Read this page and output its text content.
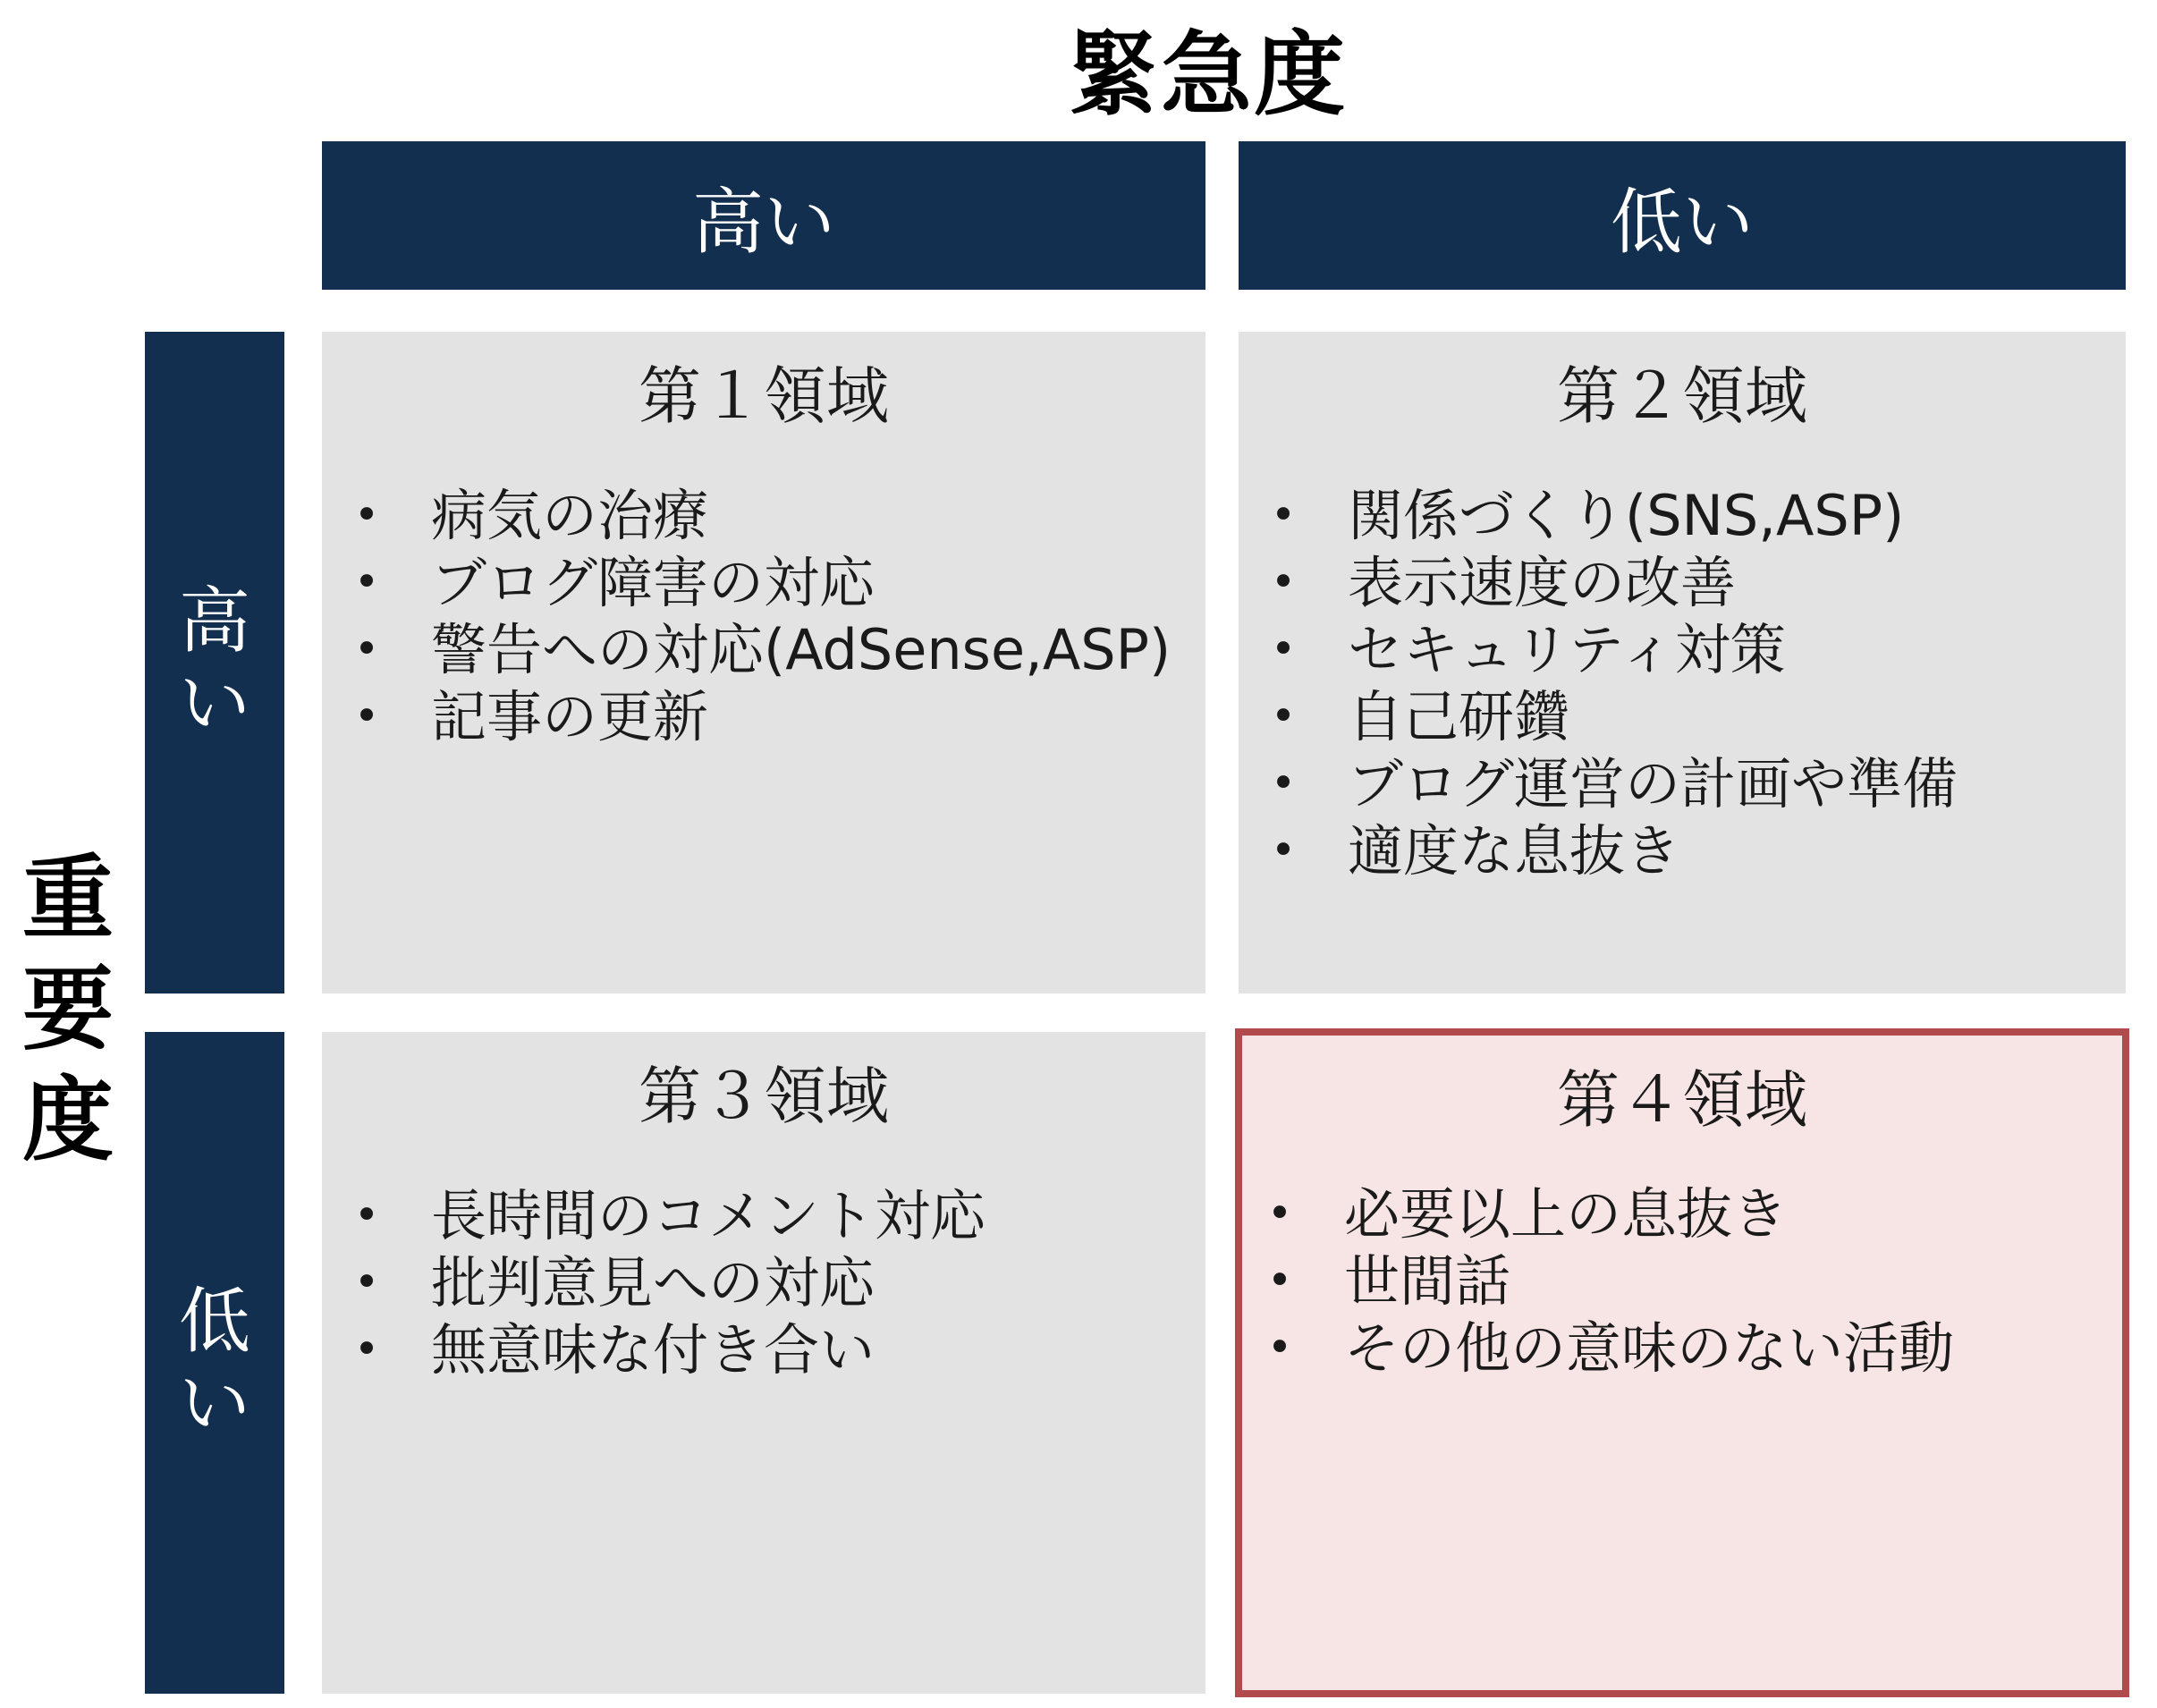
緊急度
重
要
度
高い	低い
高
い
低
い
第１領域
• 病気の治療
• ブログ障害の対応
• 警告への対応(AdSense,ASP)
• 記事の更新
第２領域
• 関係づくり(SNS,ASP)
• 表示速度の改善
• セキュリティ対策
• 自己研鑽
• ブログ運営の計画や準備
• 適度な息抜き
第３領域
• 長時間のコメント対応
• 批判意見への対応
• 無意味な付き合い
第４領域
• 必要以上の息抜き
• 世間話
• その他の意味のない活動
